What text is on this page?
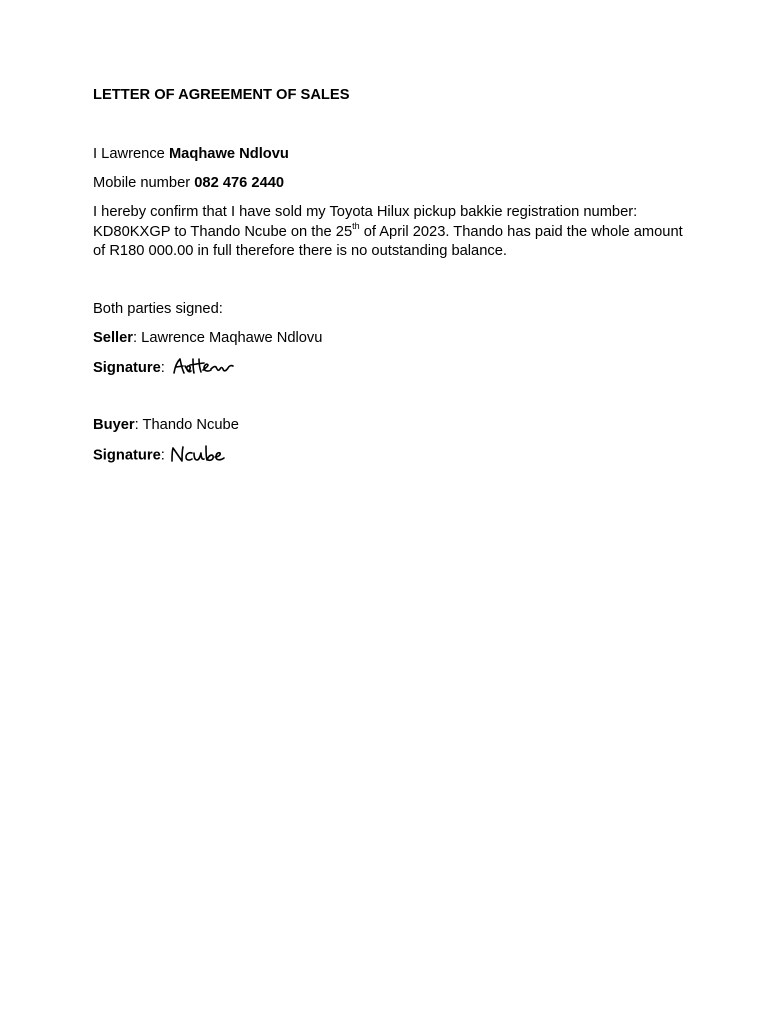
LETTER OF AGREEMENT OF SALES
I Lawrence Maqhawe Ndlovu
Mobile number 082 476 2440
I hereby confirm that I have sold my Toyota Hilux pickup bakkie registration number: KD80KXGP to Thando Ncube on the 25th of April 2023. Thando has paid the whole amount of R180 000.00 in full therefore there is no outstanding balance.
Both parties signed:
Seller: Lawrence Maqhawe Ndlovu
Signature:
Buyer: Thando Ncube
Signature:
